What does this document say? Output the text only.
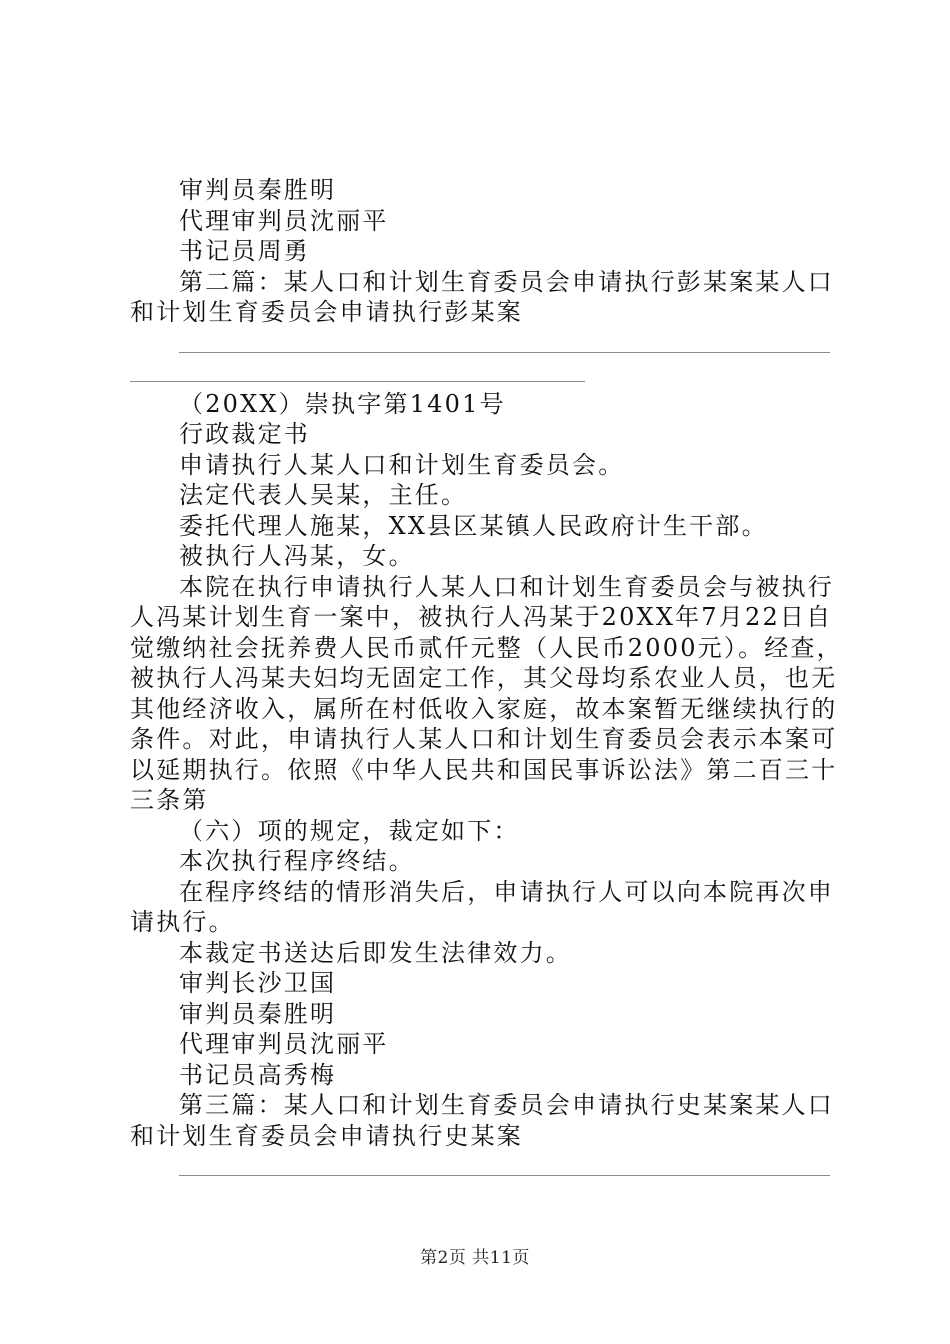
审判员秦胜明
代理审判员沈丽平
书记员周勇
第二篇：某人口和计划生育委员会申请执行彭某案某人口
和计划生育委员会申请执行彭某案
（20XX）崇执字第1401号
行政裁定书
申请执行人某人口和计划生育委员会。
法定代表人吴某，主任。
委托代理人施某，XX县区某镇人民政府计生干部。
被执行人冯某，女。
本院在执行申请执行人某人口和计划生育委员会与被执行
人冯某计划生育一案中，被执行人冯某于20XX年7月22日自
觉缴纳社会抚养费人民币贰仟元整（人民币2000元）。经查，
被执行人冯某夫妇均无固定工作，其父母均系农业人员，也无
其他经济收入，属所在村低收入家庭，故本案暂无继续执行的
条件。对此，申请执行人某人口和计划生育委员会表示本案可
以延期执行。依照《中华人民共和国民事诉讼法》第二百三十
三条第
（六）项的规定，裁定如下：
本次执行程序终结。
在程序终结的情形消失后，申请执行人可以向本院再次申
请执行。
本裁定书送达后即发生法律效力。
审判长沙卫国
审判员秦胜明
代理审判员沈丽平
书记员高秀梅
第三篇：某人口和计划生育委员会申请执行史某案某人口
和计划生育委员会申请执行史某案
第2页 共11页
